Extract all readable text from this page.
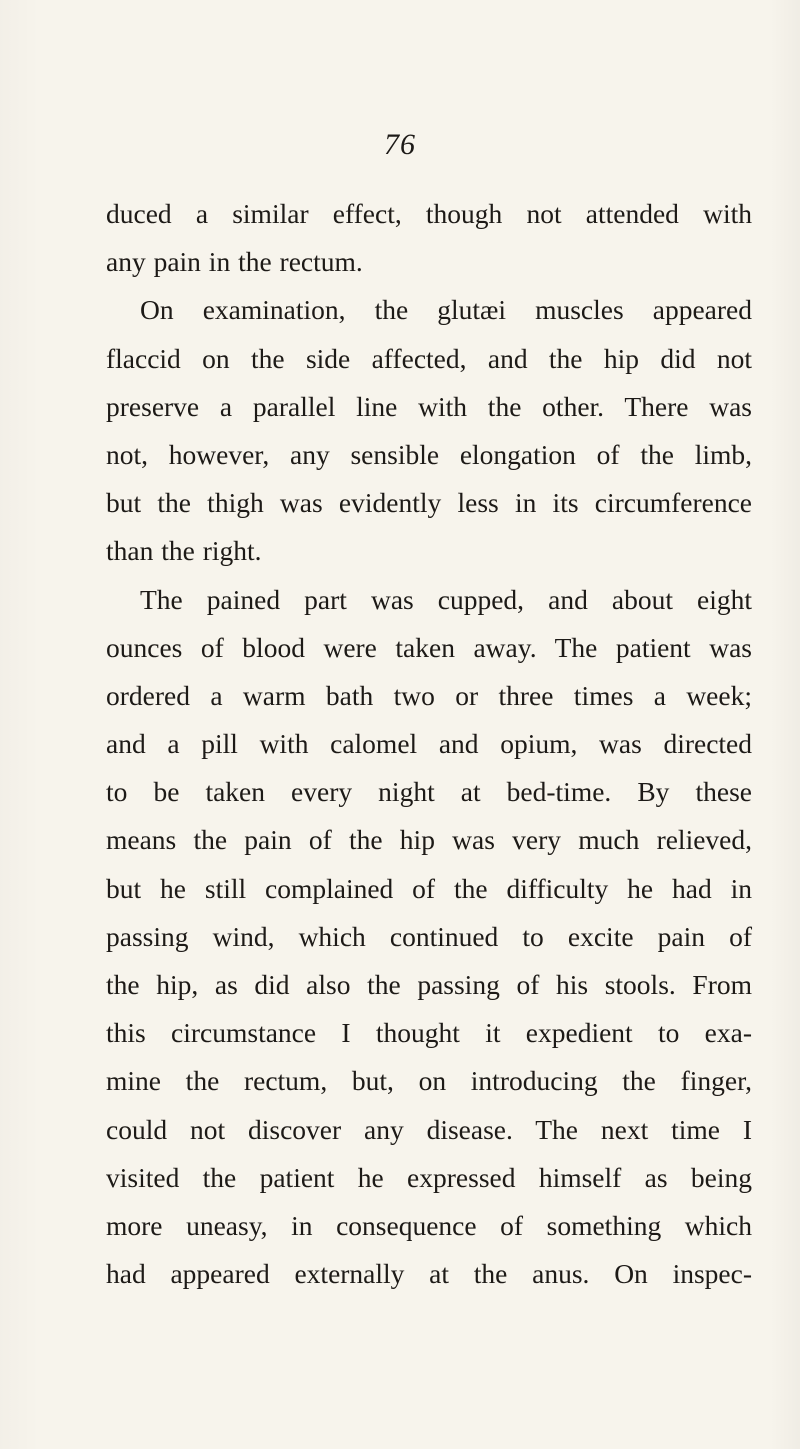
76
duced a similar effect, though not attended with
any pain in the rectum.
On examination, the glutæi muscles appeared
flaccid on the side affected, and the hip did not
preserve a parallel line with the other. There was
not, however, any sensible elongation of the limb,
but the thigh was evidently less in its circumference
than the right.
The pained part was cupped, and about eight
ounces of blood were taken away. The patient was
ordered a warm bath two or three times a week;
and a pill with calomel and opium, was directed
to be taken every night at bed-time. By these
means the pain of the hip was very much relieved,
but he still complained of the difficulty he had in
passing wind, which continued to excite pain of
the hip, as did also the passing of his stools. From
this circumstance I thought it expedient to exa-
mine the rectum, but, on introducing the finger,
could not discover any disease. The next time I
visited the patient he expressed himself as being
more uneasy, in consequence of something which
had appeared externally at the anus. On inspec-
